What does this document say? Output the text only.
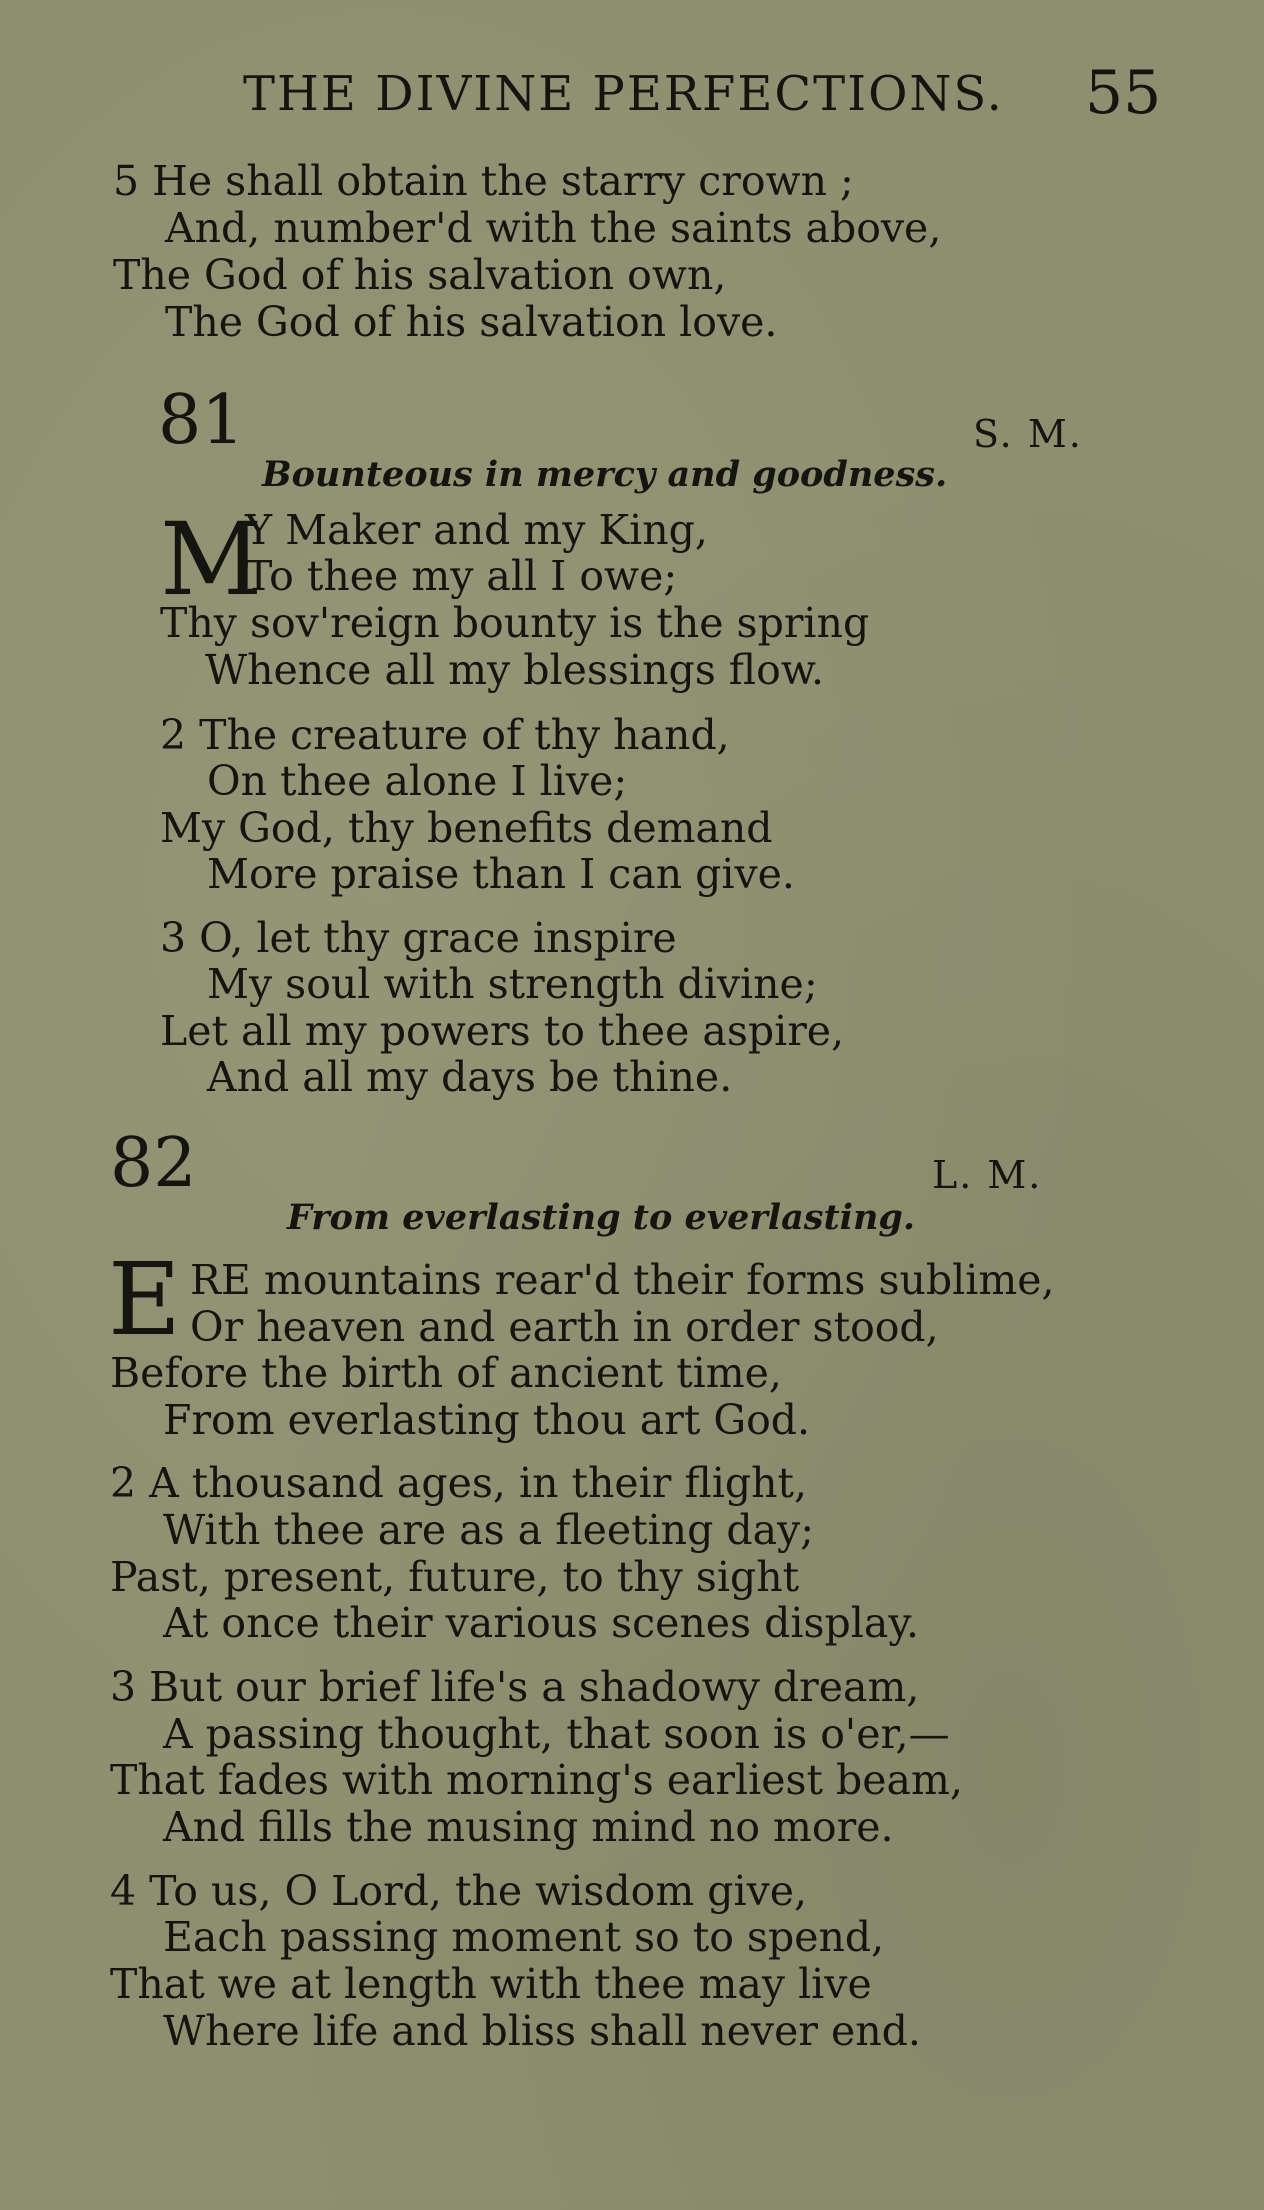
THE DIVINE PERFECTIONS. 55
5 He shall obtain the starry crown ;
And, number'd with the saints above,
The God of his salvation own,
The God of his salvation love.
81	S. M.
Bounteous in mercy and goodness.
M
Y Maker and my King,
To thee my all I owe;
Thy sov'reign bounty is the spring
Whence all my blessings flow.
2 The creature of thy hand,
On thee alone I live;
My God, thy benefits demand
More praise than I can give.
3 O, let thy grace inspire
My soul with strength divine;
Let all my powers to thee aspire,
And all my days be thine.
82	L. M.
From everlasting to everlasting.
E RE mountains rear'd their forms sublime,
Or heaven and earth in order stood,
Before the birth of ancient time,
From everlasting thou art God.
2 A thousand ages, in their flight,
With thee are as a fleeting day;
Past, present, future, to thy sight
At once their various scenes display.
3 But our brief life's a shadowy dream,
A passing thought, that soon is o'er,—
That fades with morning's earliest beam,
And fills the musing mind no more.
4 To us, O Lord, the wisdom give,
Each passing moment so to spend,
That we at length with thee may live
Where life and bliss shall never end.
